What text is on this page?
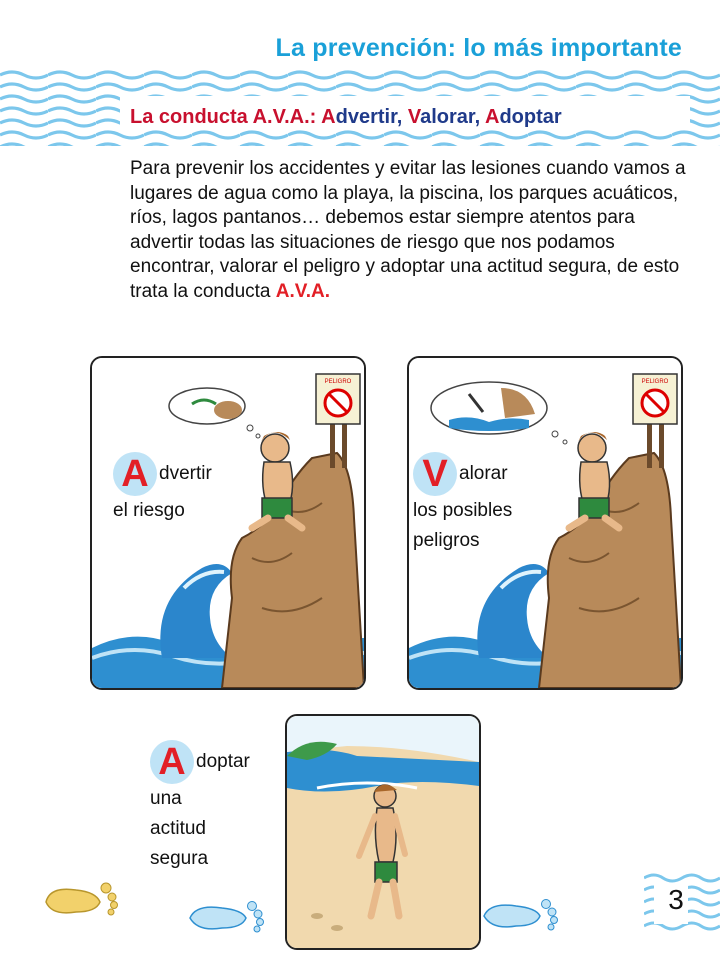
La prevención: lo más importante
La conducta A.V.A.: Advertir, Valorar, Adoptar
Para prevenir los accidentes y evitar las lesiones cuando vamos a lugares de agua como la playa, la piscina, los parques acuáticos, ríos, lagos pantanos… debemos estar siempre atentos para advertir todas las situaciones de riesgo que nos podamos encontrar, valorar el peligro y adoptar una actitud segura, de esto trata la conducta A.V.A.
PELIGRO	PELIGRO
A dvertir
el riesgo
V alorar
los posibles
peligros
A doptar
una
actitud
segura
3
